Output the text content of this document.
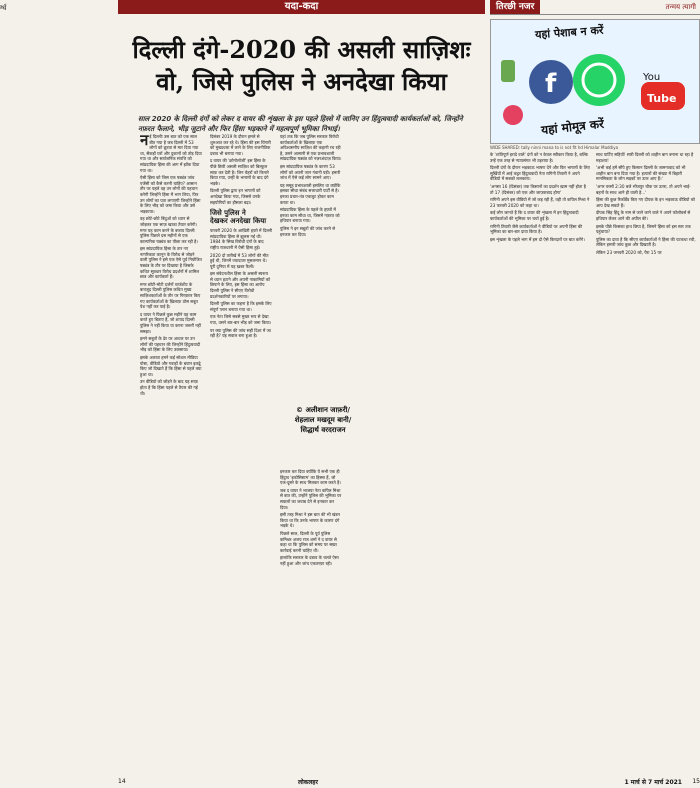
र्ग्ध	यदा-कदा
दिल्ली दंगे-2020 की असली साज़िशः
वो, जिसे पुलिस ने अनदेखा किया
साल 2020 के दिल्ली दंगों को लेकर द वायर की शृंखला के इस पहले हिस्से में जानिए उन हिंदुत्ववादी कार्यकर्ताओं को, जिन्होंने नफ़रत फैलाने, भीड़ जुटाने और फिर हिंसा भड़काने में महत्वपूर्ण भूमिका निभाई।
न ई दिल्लीः उस बात को एक साल बीत गया है जब दिल्ली में 53 लोगों को क्रूरता से मार दिया गया था, सैकड़ों घरों और दुकानों को तोड़ दिया गया था और सार्वजनिक संपत्ति को सांप्रदायिक हिंसा की आग में झोंक दिया गया था।

ऐसी हिंसा को जिस एक षड्यंत्र जांच एजेंसी को कैसे करनी चाहिए? आसान तौर पर पहले वह उन लोगों की पहचान करेगी जिन्होंने हिंसा में भाग लिया, फिर उन लोगों का पता लगाएगी जिन्होंने हिंसा के लिए भीड़ को जमा किया और उसे भड़काया।

वह छोटे-छोटे बिंदुओं को ध्यान से जोड़कर एक साफ़ खाका तैयार करेगी। मगर यह काम करने के बजाय दिल्ली पुलिस पिछले दस महीनों से एक काल्पनिक षड्यंत्र का पीछा कर रही है।

इस सांप्रदायिक हिंसा के तार नए नागरिकता कानून के विरोध से जोड़ने वाली पुलिस ने इसे एक ऐसे पूर्व नियोजित षड्यंत्र के तौर पर दिखाया है जिसके कथित सूत्रधार विरोध प्रदर्शनों में शामिल छात्र और कार्यकर्ता हैं।

मगर छोटी-मोटी दर्जनों चार्जशीट के बावजूद दिल्ली पुलिस कथित मुख्य साज़िशकर्ताओं के तौर पर गिरफ़्तार किए गए कार्यकर्ताओं के ख़िलाफ़ ठोस सबूत पेश नहीं कर पाई है।

द वायर ने पिछले कुछ महीने यह काम करते हुए बिताए हैं, जो शायद दिल्ली पुलिस ने नहीं किया या करना जरूरी नहीं समझा।

हमने सबूतों के ढेर पर आधार पर उन लोगों की पहचान की जिन्होंने हिंदुत्ववादी भीड़ को हिंसा के लिए उकसाया।

इसके अलावा हमने कई सोशल मीडिया पोस्ट, वीडियो और गवाहों के बयान इकट्ठे किए जो दिखाते हैं कि हिंसा से पहले क्या हुआ था।

उन वीडियो को जोड़ने के बाद यह साफ़ होता है कि हिंसा पहले से तैयार की गई थी।

दिसंबर 2019 के दौरान हमले से शुरुआत कर रहे थे। हिंसा की इस चिंगारी को मुख्यधारा में लाने के लिए राजनीतिक दबाव भी बनाया गया।

द वायर की 'क्रोनोलॉजी' इस हिंसा के पीछे छिपी असली साज़िश को बिल्कुल साफ़ कर देती है। जिन चेहरों को किनारे किया गया, उन्हीं के भाषणों के बाद दंगे भड़के।

दिल्ली पुलिस द्वारा इन भाषणों को अनदेखा किया गया, जिससे उनके सहयोगियों का हौसला बढ़ा।

जिसे पुलिस ने
देखकर अनदेखा किया

फरवरी 2020 के आख़िरी हफ़्ते में दिल्ली सांप्रदायिक हिंसा से झुलस गई थी। 1984 के सिख विरोधी दंगों के बाद राष्ट्रीय राजधानी में ऐसी हिंसा हुई।

2020 दो तारीखें में 53 लोगों की मौत हुई थी, जिनमें ज्यादातर मुसलमान थे। पूरी दुनिया में यह ख़बर फैली।

इस संवेदनशील हिंसा के असली स्वरूप से ध्यान हटाने और अपनी नाकामियों को छिपाने के लिए, इस हिंसा का आरोप दिल्ली पुलिस ने सीएए विरोधी प्रदर्शनकारियों पर लगाया।

दिल्ली पुलिस का कहना है कि इसके लिए संपूर्ण प्लान बनाया गया था।

एक नेता जिसे सबसे मुखर रूप से देखा गया, उसने बार-बार भीड़ को जमा किया।

पर क्या पुलिस की जांच सही दिशा में जा रही है? यह सवाल बना हुआ है।

यहां तक कि जब पुलिस सरकार विरोधी कार्यकर्ताओं के ख़िलाफ़ एक अविश्वसनीय साज़िश की कहानी रच रही है, उसने आसानी से एक प्रभावशाली सांप्रदायिक षड्यंत्र को नज़रअंदाज़ किया।

इस सांप्रदायिक षड्यंत्र के कारण 53 लोगों को अपनी जान गंवानी पड़ी। हमारी जांच में ऐसे कई लोग सामने आए।

यह समूह प्रभावशाली इसलिए था क्योंकि इसका सीधा संबंध सत्ताधारी पार्टी से है। इनका प्रचार-तंत्र एकजुट होकर काम करता था।

सांप्रदायिक हिंसा के पहले के हफ़्तों में इनका काम सीधा था, जिसमें नफ़रत को हथियार बनाया गया।

पुलिस ने इन सबूतों की जांच करने से इनकार कर दिया।

इनकार कर दिया क्योंकि ये सभी एक ही हिंदुत्व 'इकोसिस्टम' का हिस्सा हैं, जो एक-दूसरे के साथ मिलकर काम करते हैं।

जब द वायर ने भाजपा नेता कपिल मिश्रा से बात की, उन्होंने पुलिस की भूमिका पर सवालों का जवाब देने से इनकार कर दिया।

इसी तरह मिश्रा ने इस बात की भी खंडन किया था कि उनके भाषण के कारण दंगे भड़के थे।

पिछले साल, दिल्ली के पूर्व पुलिस कमिश्नर अजय राज शर्मा ने द वायर से कहा था कि पुलिस को समय पर सख़्त कार्रवाई करनी चाहिए थी।

हालांकि सरकार के दबाव के चलते ऐसा नहीं हुआ और जांच एकतरफ़ा रही।

© अलीशान जाफ़री/
शेहलाल मखदूम बानी/
सिद्धार्थ वरदराजन
14	लोकलहर
तिरछी नजर	तन्मय त्यागी
f	You
Tube
यहां पेशाब न करें
यहां मोमूत्र करें
WIDE SHARED: tally ninni mana to is not fit hd Himalar Maddiya

के 'शांतिपूर्ण इरादे वाले' दंगों को न केवल स्वीकार किया है, बल्कि उन्हें एक तरह से न्यायसंगत भी ठहराया है।

दिल्ली दंगों के दौरान भड़काऊ भाषण देने और फिर भाषणों के लिए सुर्ख़ियों में आई कट्टर हिंदुत्ववादी नेता रागिनी तिवारी ने अपने वीडियो में सबको ललकारा।

'अगस्त 16 (दिसंबर) तक किसानों का प्रदर्शन ख़त्म नहीं होता है तो 17 (दिसंबर) को एक और जाफ़राबाद होगा'

रागिनी अपने इस वीडियो में जो कह रही हैं, वही तो कपिल मिश्रा ने 23 फरवरी 2020 को कहा था।

कई लोग जानते हैं कि द वायर की शृंखला में इन हिंदुत्ववादी कार्यकर्ताओं की भूमिका पर चर्चा हुई है।

रागिनी तिवारी जैसे कार्यकर्ताओं ने वीडियो पर अपनी हिंसा की भूमिका का बार-बार दावा किया है।

इस शृंखला के पहले भाग में हम दो ऐसे किरदारों पर बात करेंगे।

साथ पार्टिए सहियों! सारी दिल्ली को शाहीन बाग बनाना था रहा है महाशय!

'अभी कई हमें सौंपे हुए किसान दिल्ली के जामनावाद को भी शाहीन बाग बना दिया गया है। हत्यारों की संख्या में बिहारी मानसिकता के लोग सड़कों पर उतर आए हैं।'

'अगर परसों 2:30 बजे भीजपुर चौक पर उतरा, तो अपने भाई-बहनों के साथ आने ही वाली है...'

हिंसा की कुछ रिकॉर्डेड किए गए दीपक के इन भड़काऊ वीडियो को आप देख सकते हैं।

दीपक सिंह हिंदू के नाम से जाने जाने वाले ने अपने फॉलोवर्स से हथियार लेकर आने की अपील की।

इसके पीछे किसका हाथ छिपा है, जिसने हिंसा को इस स्तर तक पहुंचाया?

पुलिस का दावा है कि सीएए कार्यकर्ताओं ने हिंसा की पटकथा रची, लेकिन हमारी जांच कुछ और दिखाती है।

लेकिन 23 जनवरी 2020 को, पैरा 15 पर

1 मार्च से 7 मार्च 2021 15
